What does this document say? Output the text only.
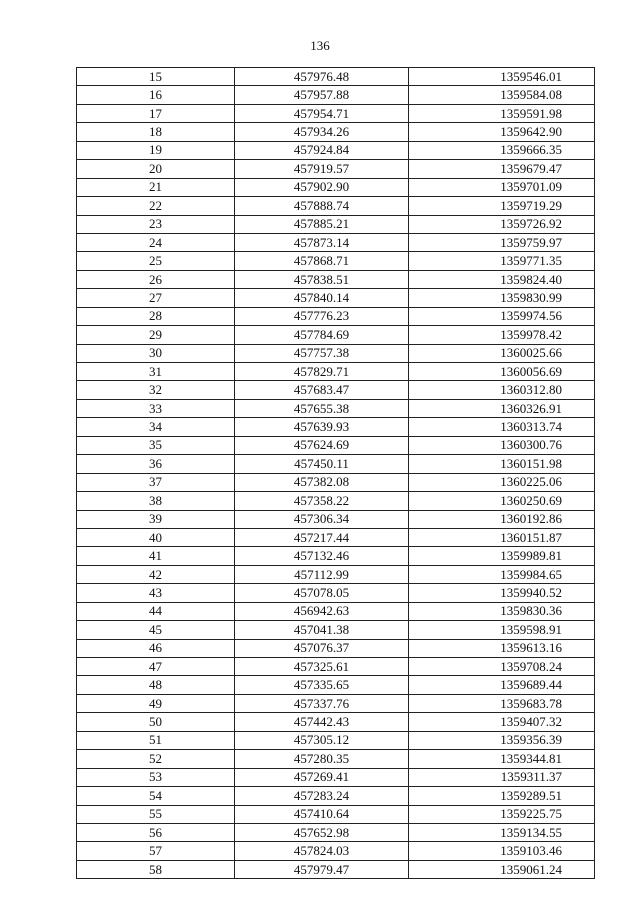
136
15	457976.48	1359546.01
16	457957.88	1359584.08
17	457954.71	1359591.98
18	457934.26	1359642.90
19	457924.84	1359666.35
20	457919.57	1359679.47
21	457902.90	1359701.09
22	457888.74	1359719.29
23	457885.21	1359726.92
24	457873.14	1359759.97
25	457868.71	1359771.35
26	457838.51	1359824.40
27	457840.14	1359830.99
28	457776.23	1359974.56
29	457784.69	1359978.42
30	457757.38	1360025.66
31	457829.71	1360056.69
32	457683.47	1360312.80
33	457655.38	1360326.91
34	457639.93	1360313.74
35	457624.69	1360300.76
36	457450.11	1360151.98
37	457382.08	1360225.06
38	457358.22	1360250.69
39	457306.34	1360192.86
40	457217.44	1360151.87
41	457132.46	1359989.81
42	457112.99	1359984.65
43	457078.05	1359940.52
44	456942.63	1359830.36
45	457041.38	1359598.91
46	457076.37	1359613.16
47	457325.61	1359708.24
48	457335.65	1359689.44
49	457337.76	1359683.78
50	457442.43	1359407.32
51	457305.12	1359356.39
52	457280.35	1359344.81
53	457269.41	1359311.37
54	457283.24	1359289.51
55	457410.64	1359225.75
56	457652.98	1359134.55
57	457824.03	1359103.46
58	457979.47	1359061.24
